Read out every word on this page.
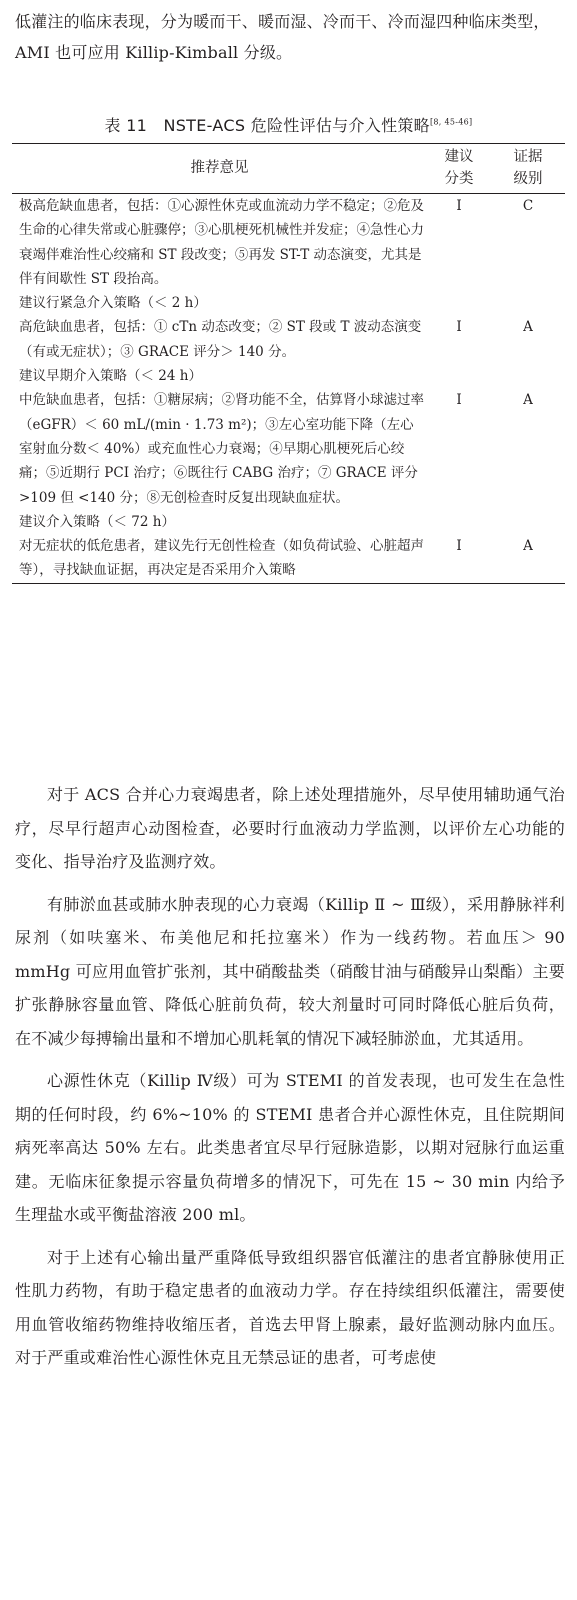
低灌注的临床表现，分为暖而干、暖而湿、冷而干、冷而湿四种临床类型，AMI 也可应用 Killip-Kimball 分级。
表 11　NSTE-ACS 危险性评估与介入性策略[8, 45-46]
推荐意见	建议分类	证据级别
极高危缺血患者，包括：①心源性休克或血流动力学不稳定；②危及生命的心律失常或心脏骤停；③心肌梗死机械性并发症；④急性心力衰竭伴难治性心绞痛和 ST 段改变；⑤再发 ST-T 动态演变，尤其是伴有间歇性 ST 段抬高。	I	C
建议行紧急介入策略（＜ 2 h）		
高危缺血患者，包括：① cTn 动态改变；② ST 段或 T 波动态演变（有或无症状）；③ GRACE 评分＞ 140 分。	I	A
建议早期介入策略（＜ 24 h）		
中危缺血患者，包括：①糖尿病；②肾功能不全，估算肾小球滤过率（eGFR）＜ 60 mL/(min · 1.73 m²)；③左心室功能下降（左心室射血分数＜ 40%）或充血性心力衰竭；④早期心肌梗死后心绞痛；⑤近期行 PCI 治疗；⑥既往行 CABG 治疗；⑦ GRACE 评分 >109 但 <140 分；⑧无创检查时反复出现缺血症状。	I	A
建议介入策略（＜ 72 h）		
对无症状的低危患者，建议先行无创性检查（如负荷试验、心脏超声等），寻找缺血证据，再决定是否采用介入策略	I	A

对于 ACS 合并心力衰竭患者，除上述处理措施外，尽早使用辅助通气治疗，尽早行超声心动图检查，必要时行血液动力学监测，以评价左心功能的变化、指导治疗及监测疗效。

有肺淤血甚或肺水肿表现的心力衰竭（Killip Ⅱ ~ Ⅲ级），采用静脉袢利尿剂（如呋塞米、布美他尼和托拉塞米）作为一线药物。若血压＞ 90 mmHg 可应用血管扩张剂，其中硝酸盐类（硝酸甘油与硝酸异山梨酯）主要扩张静脉容量血管、降低心脏前负荷，较大剂量时可同时降低心脏后负荷，在不减少每搏输出量和不增加心肌耗氧的情况下减轻肺淤血，尤其适用。

心源性休克（Killip Ⅳ级）可为 STEMI 的首发表现，也可发生在急性期的任何时段，约 6%~10% 的 STEMI 患者合并心源性休克，且住院期间病死率高达 50% 左右。此类患者宜尽早行冠脉造影，以期对冠脉行血运重建。无临床征象提示容量负荷增多的情况下，可先在 15 ~ 30 min 内给予生理盐水或平衡盐溶液 200 ml。

对于上述有心输出量严重降低导致组织器官低灌注的患者宜静脉使用正性肌力药物，有助于稳定患者的血液动力学。存在持续组织低灌注，需要使用血管收缩药物维持收缩压者，首选去甲肾上腺素，最好监测动脉内血压。对于严重或难治性心源性休克且无禁忌证的患者，可考虑使
